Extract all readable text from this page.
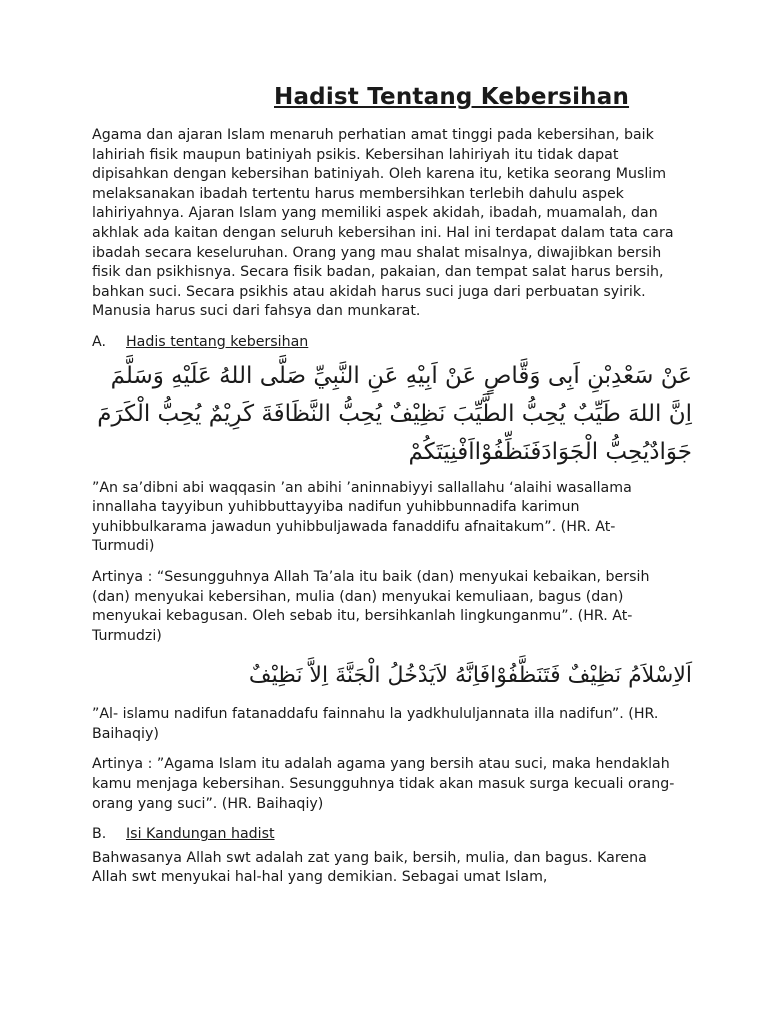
Hadist Tentang Kebersihan

Agama dan ajaran Islam menaruh perhatian amat tinggi pada kebersihan, baik lahiriah fisik maupun batiniyah psikis. Kebersihan lahiriyah itu tidak dapat dipisahkan dengan kebersihan batiniyah. Oleh karena itu, ketika seorang Muslim melaksanakan ibadah tertentu harus membersihkan terlebih dahulu aspek lahiriyahnya. Ajaran Islam yang memiliki aspek akidah, ibadah, muamalah, dan akhlak ada kaitan dengan seluruh kebersihan ini. Hal ini terdapat dalam tata cara ibadah secara keseluruhan. Orang yang mau shalat misalnya, diwajibkan bersih fisik dan psikhisnya. Secara fisik badan, pakaian, dan tempat salat harus bersih, bahkan suci. Secara psikhis atau akidah harus suci juga dari perbuatan syirik. Manusia harus suci dari fahsya dan munkarat.

A. Hadis tentang kebersihan

عَنْ سَعْدِبْنِ اَبِى وَقَّاصٍ عَنْ اَبِيْهِ عَنِ النَّبِيِّ صَلَّى اللهُ عَلَيْهِ وَسَلَّمَ
اِنَّ اللهَ طَيِّبٌ يُحِبُّ الطَّيِّبَ نَظِيْفٌ يُحِبُّ النَّظَافَةَ كَرِيْمٌ يُحِبُّ الْكَرَمَ
جَوَادٌيُحِبُّ الْجَوَادَفَنَظِّفُوْااَفْنِيَتَكُمْ

”An sa’dibni abi waqqasin ’an abihi ’aninnabiyyi sallallahu ‘alaihi wasallama innallaha tayyibun yuhibbuttayyiba nadifun yuhibbunnadifa karimun yuhibbulkarama jawadun yuhibbuljawada fanaddifu afnaitakum”. (HR. At- Turmudi)

Artinya : “Sesungguhnya Allah Ta’ala itu baik (dan) menyukai kebaikan, bersih (dan) menyukai kebersihan, mulia (dan) menyukai kemuliaan, bagus (dan) menyukai kebagusan. Oleh sebab itu, bersihkanlah lingkunganmu”. (HR. At- Turmudzi)

اَلاِسْلاَمُ نَظِيْفٌ فَتَنَظَّفُوْافَاِنَّهُ لاَيَدْخُلُ الْجَنَّةَ اِلاَّ نَظِيْفٌ

”Al- islamu nadifun fatanaddafu fainnahu la yadkhululjannata illa nadifun”. (HR. Baihaqiy)

Artinya : ”Agama Islam itu adalah agama yang bersih atau suci, maka hendaklah kamu menjaga kebersihan. Sesungguhnya tidak akan masuk surga kecuali orang-orang yang suci”. (HR. Baihaqiy)

B. Isi Kandungan hadist

Bahwasanya Allah swt adalah zat yang baik, bersih, mulia, dan bagus. Karena Allah swt menyukai hal-hal yang demikian. Sebagai umat Islam,
